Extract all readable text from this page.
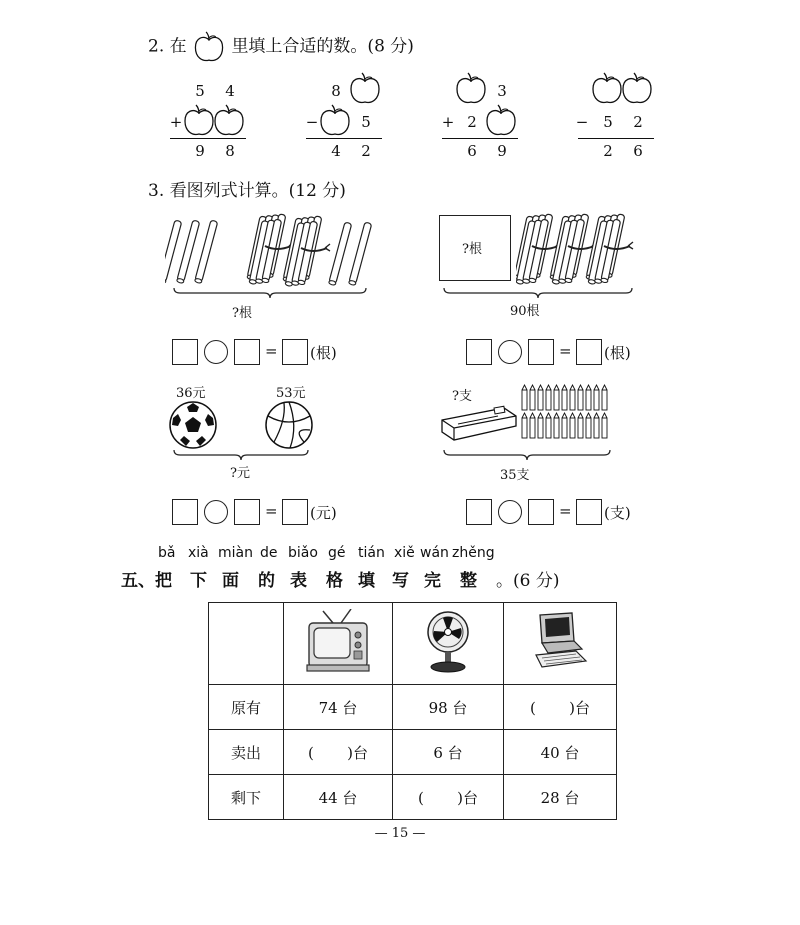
2. 在	里填上合适的数。(8 分)
5	4
+
9	8
8
−	5
4	2
3
+ 2
6	9
− 5	2
2	6
3. 看图列式计算。(12 分)
?根
?根
90根
= (根)	= (根)
36元	53元
?元
?支
35支
= (元)	= (支)
bǎ xià miàn de biǎo gé tián xiě wán zhěng
五、把 下 面 的 表 格 填 写 完 整 。(6 分)

原有	74 台	98 台	(       )台
卖出	(       )台	6 台	40 台
剩下	44 台	(       )台	28 台
— 15 —
